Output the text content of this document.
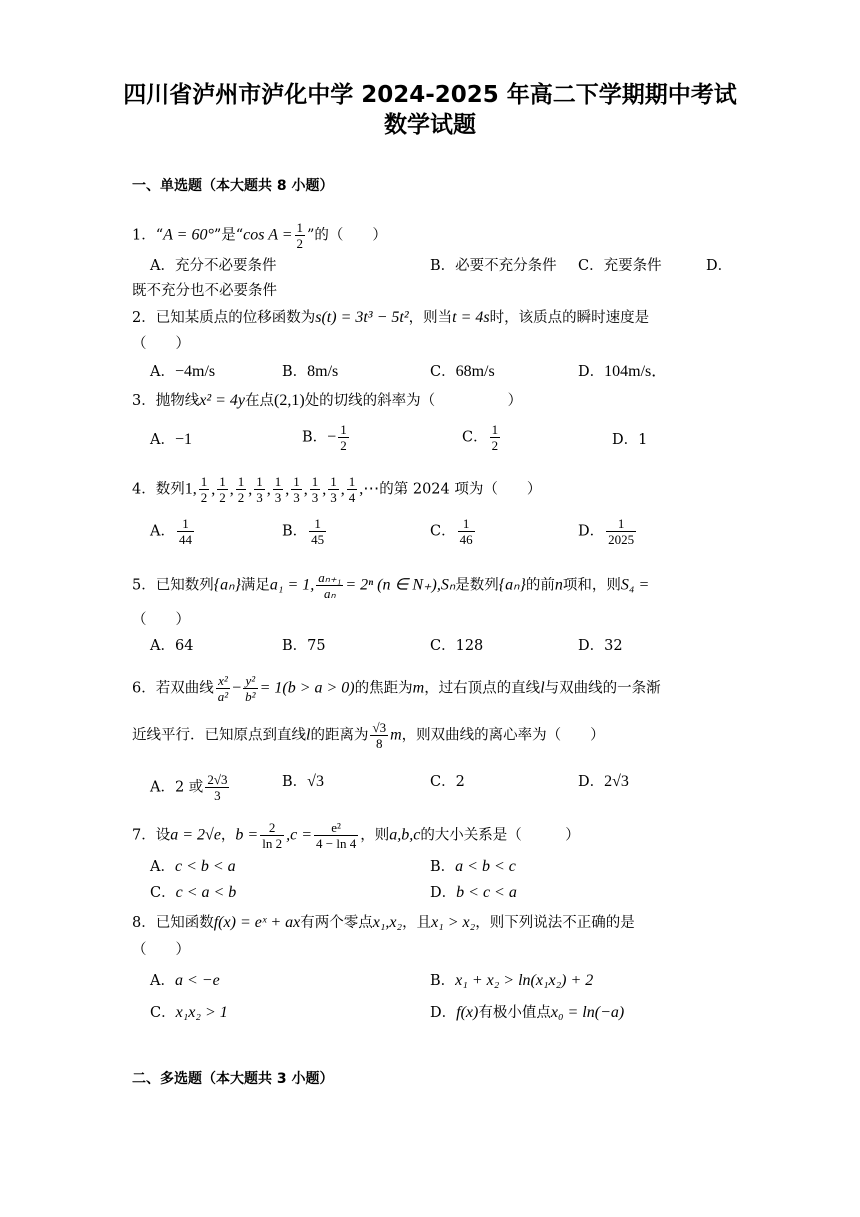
四川省泸州市泸化中学 2024-2025 年高二下学期期中考试
数学试题
一、单选题（本大题共 8 小题）
1．“A = 60°”是“cos $A = \frac{1}{2}$ ”的（　　）
A．充分不必要条件	B．必要不充分条件 C．充要条件	D．
既不充分也不必要条件
2．已知某质点的位移函数为s(t) = 3t³ − 5t²，则当t = 4s时，该质点的瞬时速度是
（　　）
A．−4m/s	B．8m/s	C．68m/s	D．104m/s．
3．抛物线x² = 4y在点(2,1)处的切线的斜率为（　　　　　）
A．−1	B．− $\frac{1}{2}$	C． $\frac{1}{2}$	D．1
4．数列1, $\frac{1}{2}$ , $\frac{1}{2}$ , $\frac{1}{2}$ , $\frac{1}{3}$ , $\frac{1}{3}$ , $\frac{1}{3}$ , $\frac{1}{3}$ , $\frac{1}{3}$ , $\frac{1}{4}$ ,⋯的第 2024 项为（　　）
A． $\frac{1}{44}$	B． $\frac{1}{45}$	C． $\frac{1}{46}$	D． $\frac{1}{2025}$
5．已知数列{aₙ}满足a₁ = 1, $\frac{\text{aₙ₊₁}}{\text{aₙ}} = 2^n$ (n ∈ N₊),Sₙ是数列{aₙ}的前n项和，则S₄ =
（　　）
A．64	B．75	C．128	D．32
6．若双曲线 $\frac{\text{x²}}{\text{a²}} - \frac{\text{y²}}{\text{b²}} = 1(b > a > 0)$的焦距为m，过右顶点的直线l与双曲线的一条渐
近线平行．已知原点到直线l的距离为 $\frac{√3}{8}$ m，则双曲线的离心率为（　　）
A．2 或 $\frac{2√3}{3}$	B．√3	C．2	D．2√3
7．设a = 2√e，$b = \frac{2}{\ln 2} ,c = \frac{\text{e²}}{4 - \ln 4}$ ，则a,b,c的大小关系是（　　　）
A．c < b < a	B．a < b < c
C．c < a < b	D．b < c < a
8．已知函数f(x) = eˣ + ax有两个零点x₁,x₂，且x₁ > x₂，则下列说法不正确的是
（　　）
A．a < −e	B．x₁ + x₂ > ln(x₁x₂) + 2
C．x₁x₂ > 1	D．f(x)有极小值点x₀ = ln(−a)
二、多选题（本大题共 3 小题）
